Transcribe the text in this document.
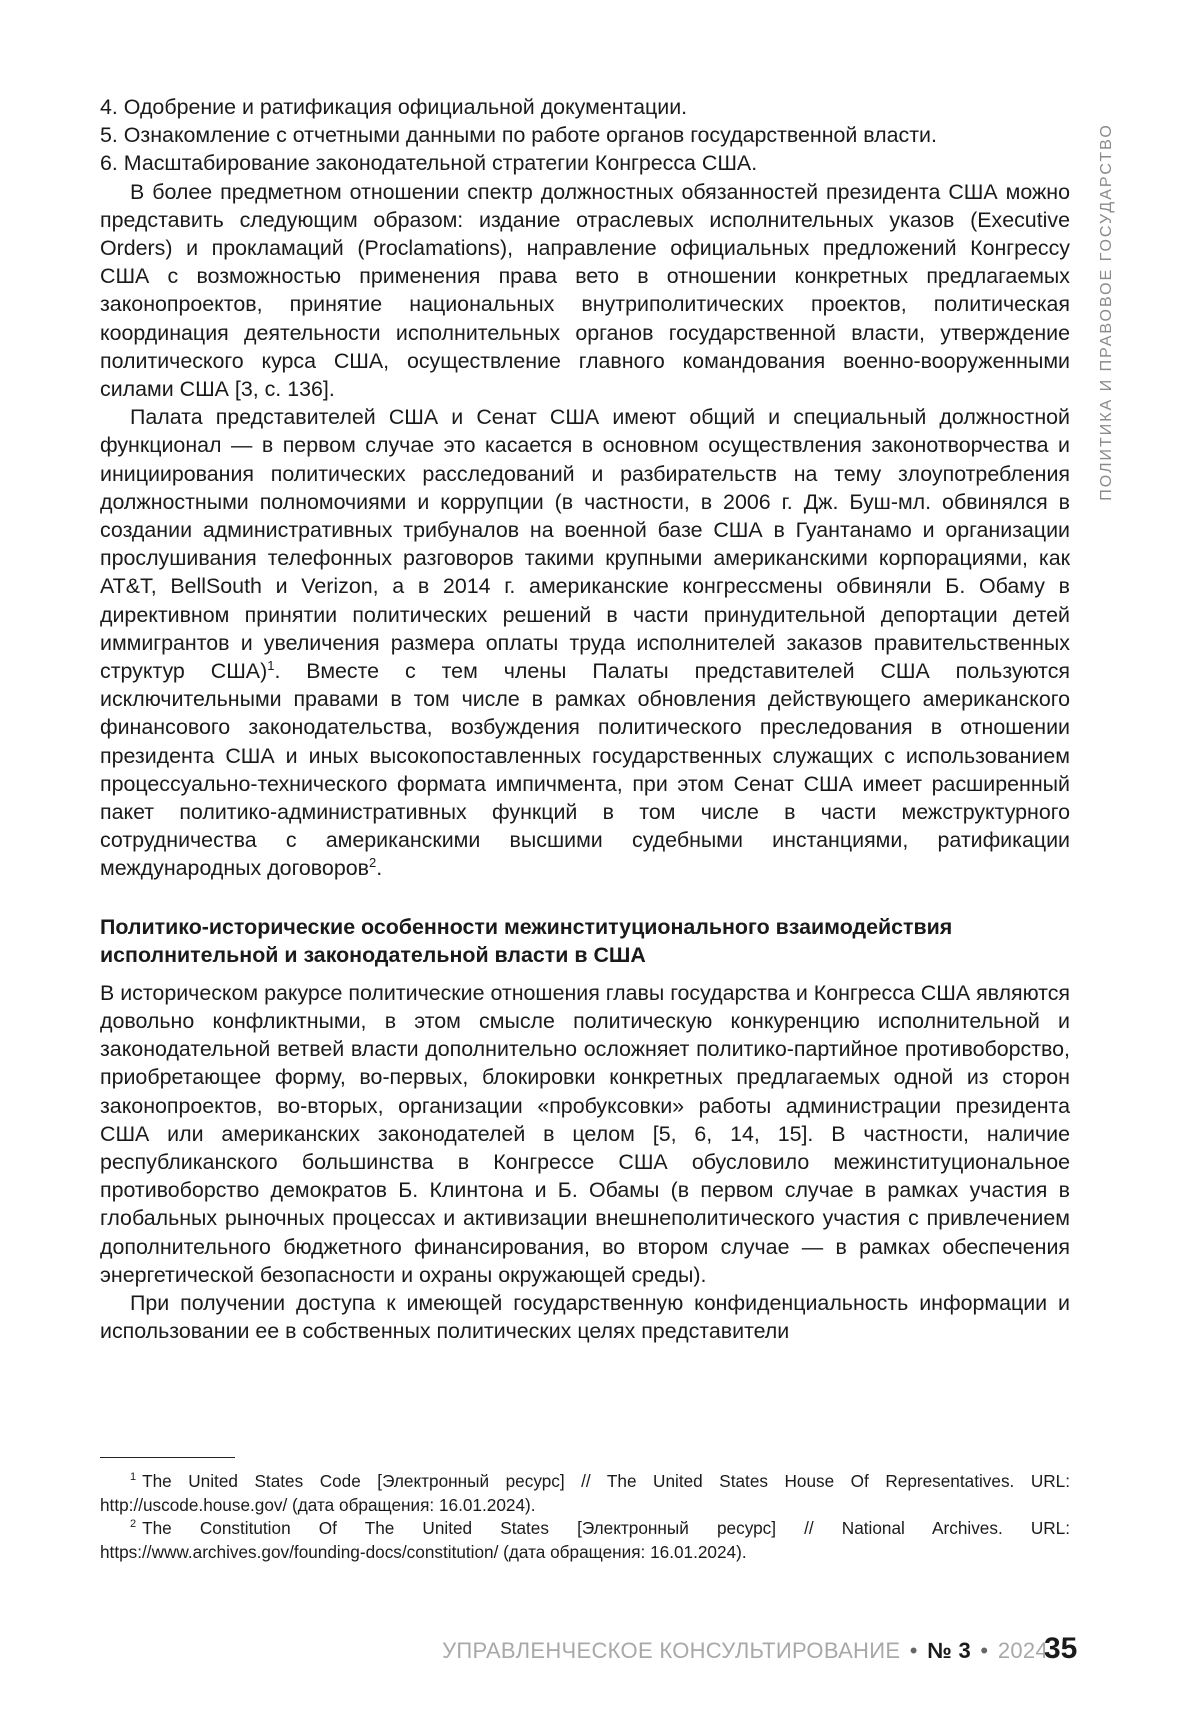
4. Одобрение и ратификация официальной документации.

5. Ознакомление с отчетными данными по работе органов государственной власти.

6. Масштабирование законодательной стратегии Конгресса США.

В более предметном отношении спектр должностных обязанностей президента США можно представить следующим образом: издание отраслевых исполнительных указов (Executive Orders) и прокламаций (Proclamations), направление официальных предложений Конгрессу США с возможностью применения права вето в отношении конкретных предлагаемых законопроектов, принятие национальных внутриполитических проектов, политическая координация деятельности исполнительных органов государственной власти, утверждение политического курса США, осуществление главного командования военно-вооруженными силами США [3, с. 136].

Палата представителей США и Сенат США имеют общий и специальный должностной функционал — в первом случае это касается в основном осуществления законотворчества и инициирования политических расследований и разбирательств на тему злоупотребления должностными полномочиями и коррупции (в частности, в 2006 г. Дж. Буш-мл. обвинялся в создании административных трибуналов на военной базе США в Гуантанамо и организации прослушивания телефонных разговоров такими крупными американскими корпорациями, как AT&T, BellSouth и Verizon, а в 2014 г. американские конгрессмены обвиняли Б. Обаму в директивном принятии политических решений в части принудительной депортации детей иммигрантов и увеличения размера оплаты труда исполнителей заказов правительственных структур США)1. Вместе с тем члены Палаты представителей США пользуются исключительными правами в том числе в рамках обновления действующего американского финансового законодательства, возбуждения политического преследования в отношении президента США и иных высокопоставленных государственных служащих с использованием процессуально-технического формата импичмента, при этом Сенат США имеет расширенный пакет политико-административных функций в том числе в части межструктурного сотрудничества с американскими высшими судебными инстанциями, ратификации международных договоров2.

Политико-исторические особенности межинституционального взаимодействия исполнительной и законодательной власти в США

В историческом ракурсе политические отношения главы государства и Конгресса США являются довольно конфликтными, в этом смысле политическую конкуренцию исполнительной и законодательной ветвей власти дополнительно осложняет политико-партийное противоборство, приобретающее форму, во-первых, блокировки конкретных предлагаемых одной из сторон законопроектов, во-вторых, организации «пробуксовки» работы администрации президента США или американских законодателей в целом [5, 6, 14, 15]. В частности, наличие республиканского большинства в Конгрессе США обусловило межинституциональное противоборство демократов Б. Клинтона и Б. Обамы (в первом случае в рамках участия в глобальных рыночных процессах и активизации внешнеполитического участия с привлечением дополнительного бюджетного финансирования, во втором случае — в рамках обеспечения энергетической безопасности и охраны окружающей среды).

При получении доступа к имеющей государственную конфиденциальность информации и использовании ее в собственных политических целях представители

1 The United States Code [Электронный ресурс] // The United States House Of Representatives. URL: http://uscode.house.gov/ (дата обращения: 16.01.2024).

2 The Constitution Of The United States [Электронный ресурс] // National Archives. URL: https://www.archives.gov/founding-docs/constitution/ (дата обращения: 16.01.2024).

ПОЛИТИКА И ПРАВОВОЕ ГОСУДАРСТВО
УПРАВЛЕНЧЕСКОЕ КОНСУЛЬТИРОВАНИЕ • № 3 • 2024
35
